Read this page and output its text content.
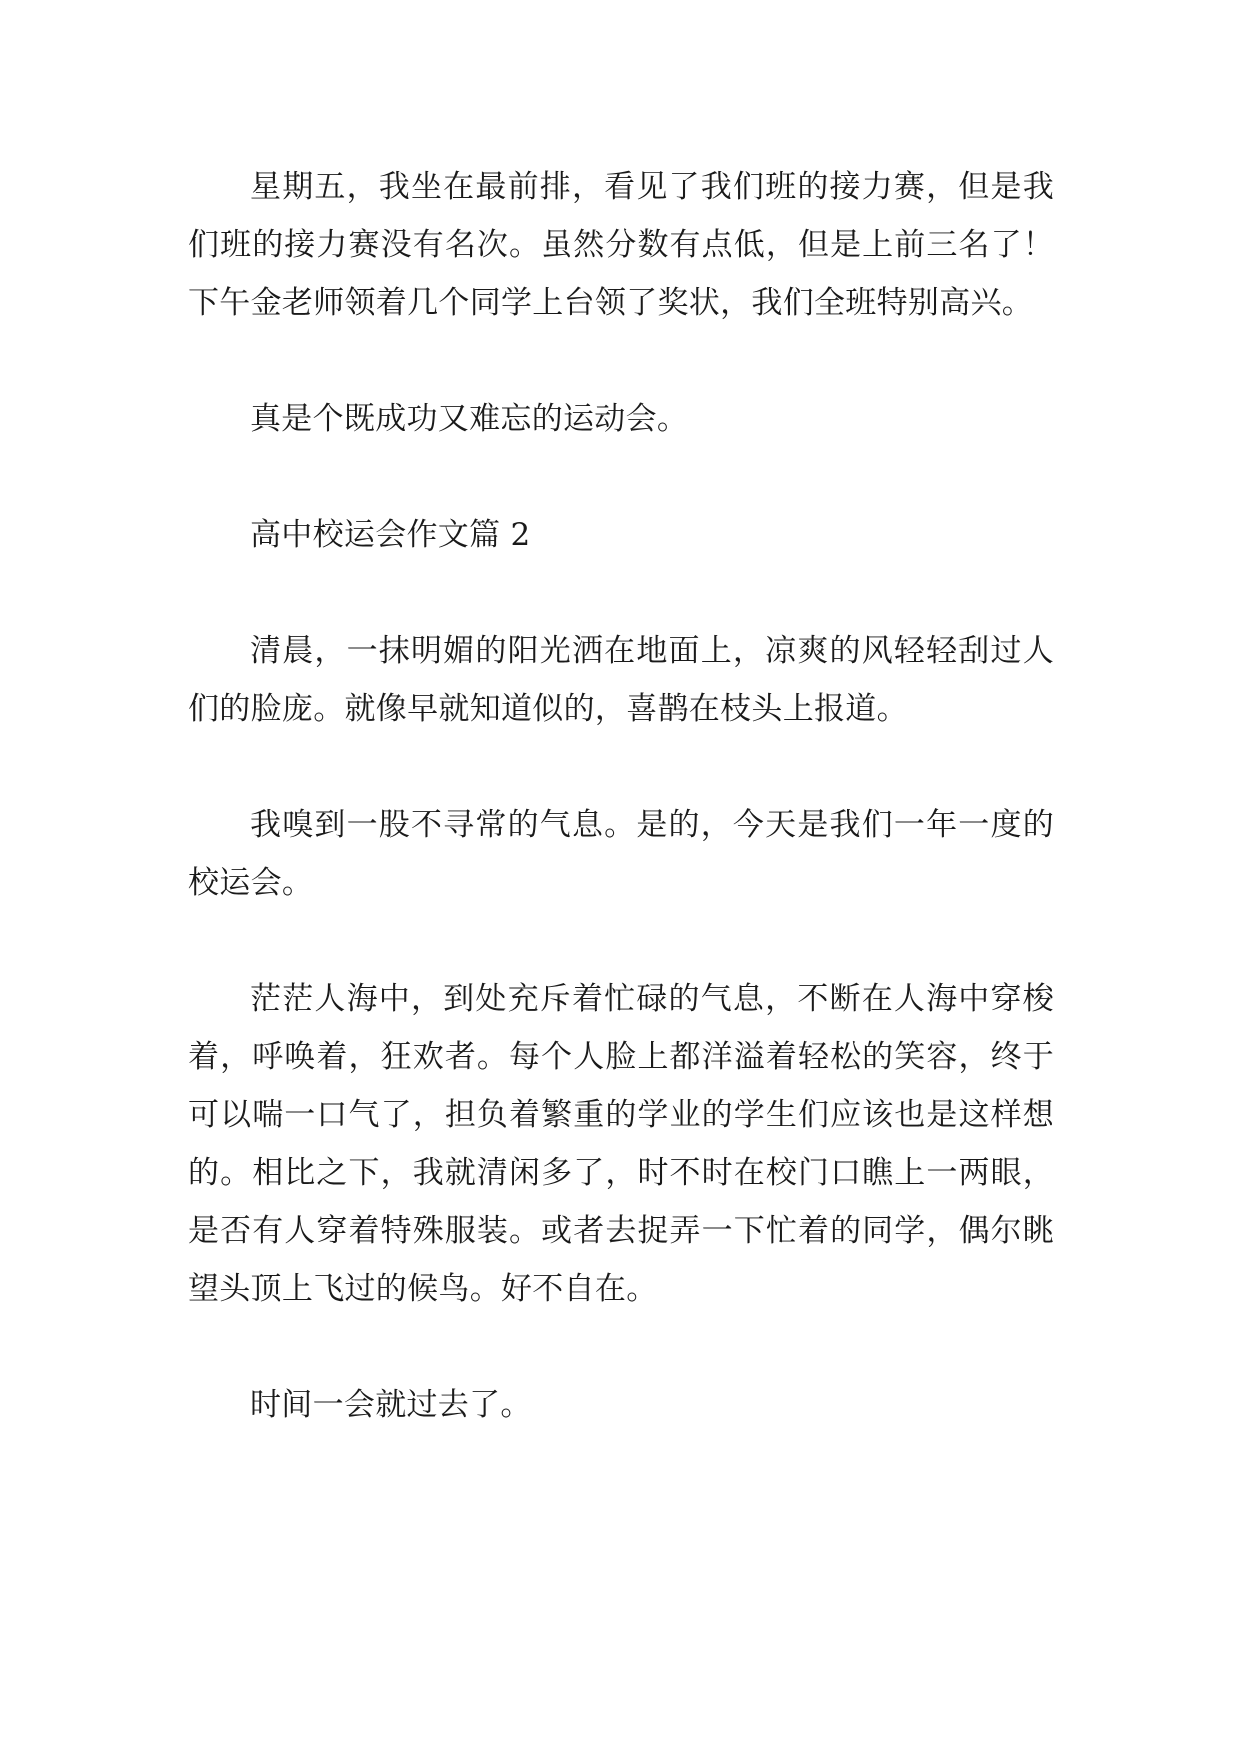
星期五，我坐在最前排，看见了我们班的接力赛，但是我们班的接力赛没有名次。虽然分数有点低，但是上前三名了！下午金老师领着几个同学上台领了奖状，我们全班特别高兴。

真是个既成功又难忘的运动会。

高中校运会作文篇 2

清晨，一抹明媚的阳光洒在地面上，凉爽的风轻轻刮过人们的脸庞。就像早就知道似的，喜鹊在枝头上报道。

我嗅到一股不寻常的气息。是的，今天是我们一年一度的校运会。

茫茫人海中，到处充斥着忙碌的气息，不断在人海中穿梭着，呼唤着，狂欢者。每个人脸上都洋溢着轻松的笑容，终于可以喘一口气了，担负着繁重的学业的学生们应该也是这样想的。相比之下，我就清闲多了，时不时在校门口瞧上一两眼，是否有人穿着特殊服装。或者去捉弄一下忙着的同学，偶尔眺望头顶上飞过的候鸟。好不自在。

时间一会就过去了。
